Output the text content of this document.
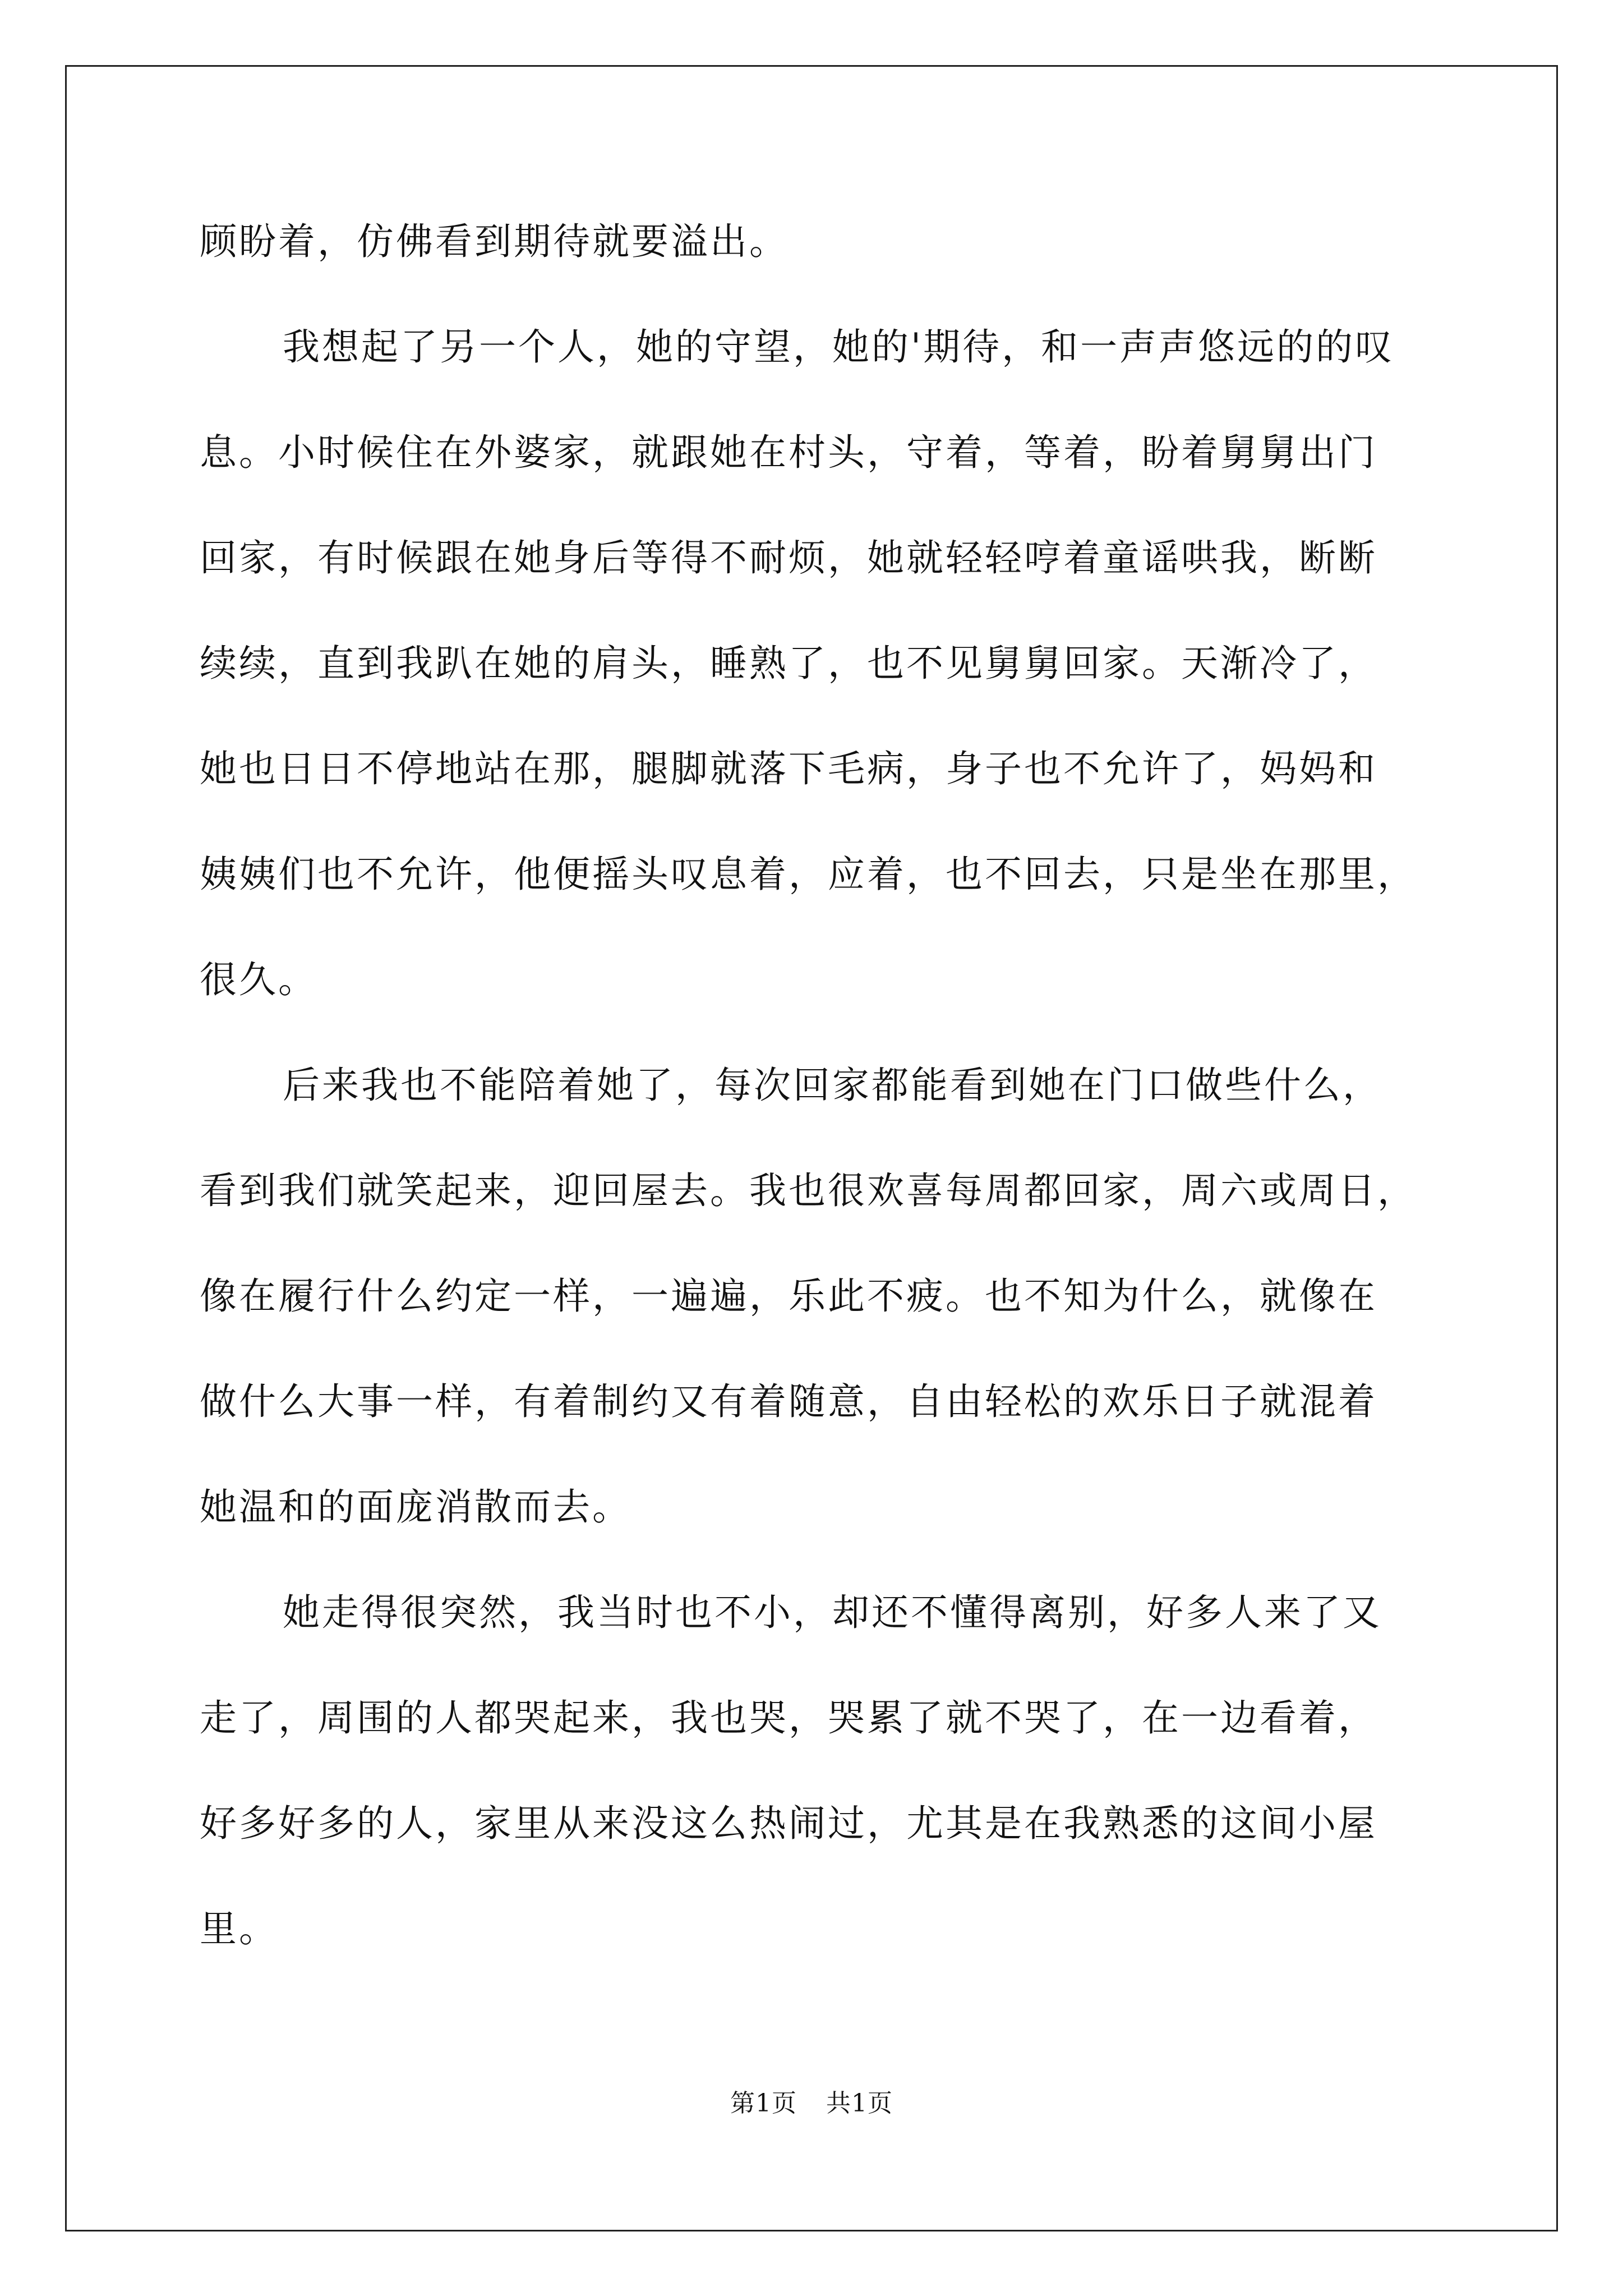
顾盼着，仿佛看到期待就要溢出。
我想起了另一个人，她的守望，她的'期待，和一声声悠远的的叹
息。小时候住在外婆家，就跟她在村头，守着，等着，盼着舅舅出门
回家，有时候跟在她身后等得不耐烦，她就轻轻哼着童谣哄我，断断
续续，直到我趴在她的肩头，睡熟了，也不见舅舅回家。天渐冷了，
她也日日不停地站在那，腿脚就落下毛病，身子也不允许了，妈妈和
姨姨们也不允许，他便摇头叹息着，应着，也不回去，只是坐在那里，
很久。
后来我也不能陪着她了，每次回家都能看到她在门口做些什么，
看到我们就笑起来，迎回屋去。我也很欢喜每周都回家，周六或周日，
像在履行什么约定一样，一遍遍，乐此不疲。也不知为什么，就像在
做什么大事一样，有着制约又有着随意，自由轻松的欢乐日子就混着
她温和的面庞消散而去。
她走得很突然，我当时也不小，却还不懂得离别，好多人来了又
走了，周围的人都哭起来，我也哭，哭累了就不哭了，在一边看着，
好多好多的人，家里从来没这么热闹过，尤其是在我熟悉的这间小屋
里。
第1页 共1页
